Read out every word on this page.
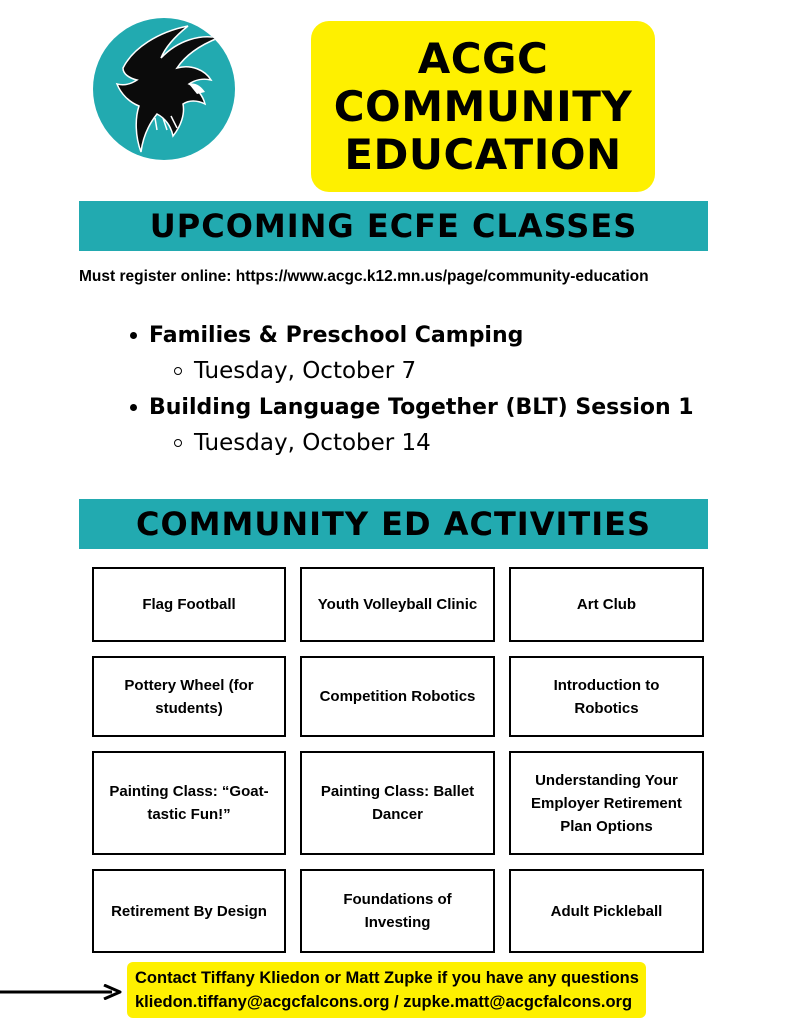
ACGC
COMMUNITY
EDUCATION
UPCOMING ECFE CLASSES
Must register online: https://www.acgc.k12.mn.us/page/community-education
Families & Preschool Camping
Tuesday, October 7
Building Language Together (BLT) Session 1
Tuesday, October 14
COMMUNITY ED ACTIVITIES
Flag Football	Youth Volleyball Clinic	Art Club
Pottery Wheel (for students)
Competition Robotics
Introduction to Robotics
Painting Class: “Goat-tastic Fun!”
Painting Class: Ballet Dancer
Understanding Your Employer Retirement Plan Options
Retirement By Design
Foundations of Investing
Adult Pickleball
Contact Tiffany Kliedon or Matt Zupke if you have any questions
kliedon.tiffany@acgcfalcons.org / zupke.matt@acgcfalcons.org
